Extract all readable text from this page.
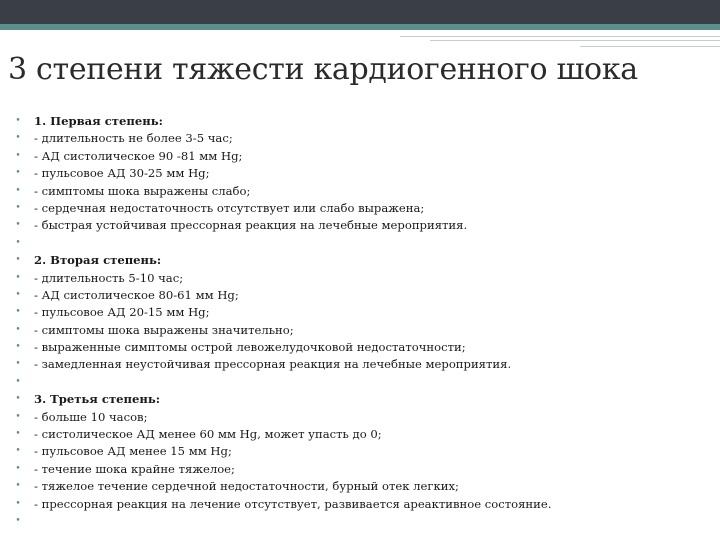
3 степени тяжести кардиогенного шока
• 1. Первая степень:
• - длительность не более 3-5 час;
• - АД систолическое 90 -81 мм Hg;
• - пульсовое АД 30-25 мм Hg;
• - симптомы шока выражены слабо;
• - сердечная недостаточность отсутствует или слабо выражена;
• - быстрая устойчивая прессорная реакция на лечебные мероприятия.
•
• 2. Вторая степень:
• - длительность 5-10 час;
• - АД систолическое 80-61 мм Hg;
• - пульсовое АД 20-15 мм Hg;
• - симптомы шока выражены значительно;
• - выраженные симптомы острой левожелудочковой недостаточности;
• - замедленная неустойчивая прессорная реакция на лечебные мероприятия.
•
• 3. Третья степень:
• - больше 10 часов;
• - систолическое АД менее 60 мм Hg, может упасть до 0;
• - пульсовое АД менее 15 мм Hg;
• - течение шока крайне тяжелое;
• - тяжелое течение сердечной недостаточности, бурный отек легких;
• - прессорная реакция на лечение отсутствует, развивается ареактивное состояние.
•
